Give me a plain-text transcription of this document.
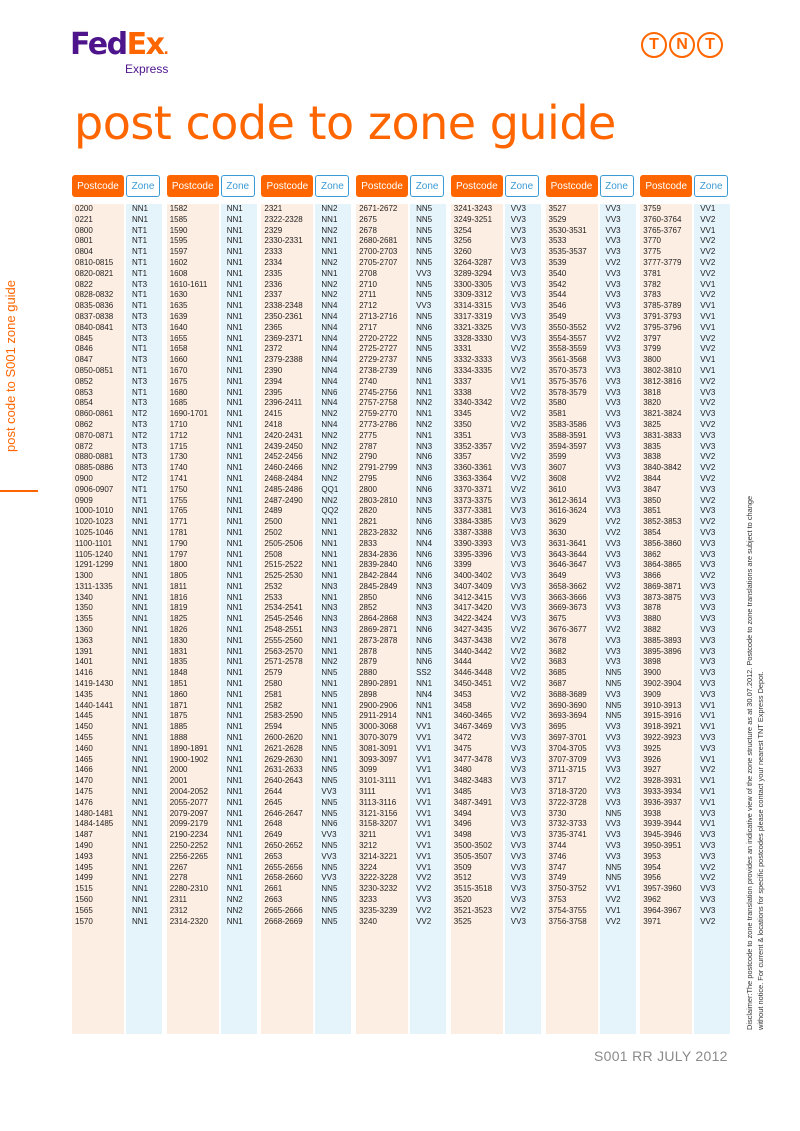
FedEx.
Express
T	N	T
post code to zone guide
post code to S001 zone guide
Postcode	Zone
0200	NN1
0221	NN1
0800	NT1
0801	NT1
0804	NT1
0810-0815 NT1
0820-0821 NT1
0822	NT3
0828-0832 NT1
0835-0836 NT1
0837-0838 NT3
0840-0841 NT3
0845	NT3
0846	NT1
0847	NT3
0850-0851 NT1
0852	NT3
0853	NT1
0854	NT3
0860-0861 NT2
0862	NT3
0870-0871 NT2
0872	NT3
0880-0881 NT3
0885-0886 NT3
0900	NT2
0906-0907 NT1
0909	NT1
1000-1010 NN1
1020-1023 NN1
1025-1046 NN1
1100-1101 NN1
1105-1240 NN1
1291-1299 NN1
1300	NN1
1311-1335 NN1
1340	NN1
1350	NN1
1355	NN1
1360	NN1
1363	NN1
1391	NN1
1401	NN1
1416	NN1
1419-1430 NN1
1435	NN1
1440-1441 NN1
1445	NN1
1450	NN1
1455	NN1
1460	NN1
1465	NN1
1466	NN1
1470	NN1
1475	NN1
1476	NN1
1480-1481 NN1
1484-1485 NN1
1487	NN1
1490	NN1
1493	NN1
1495	NN1
1499	NN1
1515	NN1
1560	NN1
1565	NN1
1570	NN1
Postcode	Zone
1582	NN1
1585	NN1
1590	NN1
1595	NN1
1597	NN1
1602	NN1
1608	NN1
1610-1611 NN1
1630	NN1
1635	NN1
1639	NN1
1640	NN1
1655	NN1
1658	NN1
1660	NN1
1670	NN1
1675	NN1
1680	NN1
1685	NN1
1690-1701 NN1
1710	NN1
1712	NN1
1715	NN1
1730	NN1
1740	NN1
1741	NN1
1750	NN1
1755	NN1
1765	NN1
1771	NN1
1781	NN1
1790	NN1
1797	NN1
1800	NN1
1805	NN1
1811	NN1
1816	NN1
1819	NN1
1825	NN1
1826	NN1
1830	NN1
1831	NN1
1835	NN1
1848	NN1
1851	NN1
1860	NN1
1871	NN1
1875	NN1
1885	NN1
1888	NN1
1890-1891 NN1
1900-1902 NN1
2000	NN1
2001	NN1
2004-2052 NN1
2055-2077 NN1
2079-2097 NN1
2099-2179 NN1
2190-2234 NN1
2250-2252 NN1
2256-2265 NN1
2267	NN1
2278	NN1
2280-2310 NN1
2311	NN2
2312	NN2
2314-2320 NN1
Postcode	Zone
2321	NN2
2322-2328 NN1
2329	NN2
2330-2331 NN1
2333	NN1
2334	NN2
2335	NN1
2336	NN2
2337	NN2
2338-2348 NN4
2350-2361 NN4
2365	NN4
2369-2371 NN4
2372	NN4
2379-2388 NN4
2390	NN4
2394	NN4
2395	NN6
2396-2411 NN4
2415	NN2
2418	NN4
2420-2431 NN2
2439-2450 NN2
2452-2456 NN2
2460-2466 NN2
2468-2484 NN2
2485-2486 QQ1
2487-2490 NN2
2489	QQ2
2500	NN1
2502	NN1
2505-2506 NN1
2508	NN1
2515-2522 NN1
2525-2530 NN1
2532	NN3
2533	NN1
2534-2541 NN3
2545-2546 NN3
2548-2551 NN3
2555-2560 NN1
2563-2570 NN1
2571-2578 NN2
2579	NN5
2580	NN1
2581	NN5
2582	NN1
2583-2590 NN5
2594	NN5
2600-2620 NN1
2621-2628 NN5
2629-2630 NN1
2631-2633 NN5
2640-2643 NN5
2644	VV3
2645	NN5
2646-2647 NN5
2648	NN6
2649	VV3
2650-2652 NN5
2653	VV3
2655-2656 NN5
2658-2660 VV3
2661	NN5
2663	NN5
2665-2666 NN5
2668-2669 NN5
Postcode	Zone
2671-2672 NN5
2675	NN5
2678	NN5
2680-2681 NN5
2700-2703 NN5
2705-2707 NN5
2708	VV3
2710	NN5
2711	NN5
2712	VV3
2713-2716 NN5
2717	NN6
2720-2722 NN5
2725-2727 NN5
2729-2737 NN5
2738-2739 NN6
2740	NN1
2745-2756 NN1
2757-2758 NN2
2759-2770 NN1
2773-2786 NN2
2775	NN1
2787	NN3
2790	NN6
2791-2799 NN3
2795	NN6
2800	NN6
2803-2810 NN3
2820	NN5
2821	NN6
2823-2832 NN6
2833	NN4
2834-2836 NN6
2839-2840 NN6
2842-2844 NN6
2845-2849 NN3
2850	NN6
2852	NN3
2864-2868 NN3
2869-2871 NN6
2873-2878 NN6
2878	NN5
2879	NN6
2880	SS2
2890-2891 NN1
2898	NN4
2900-2906 NN1
2911-2914 NN1
3000-3068 VV1
3070-3079 VV1
3081-3091 VV1
3093-3097 VV1
3099	VV1
3101-3111 VV1
3111	VV1
3113-3116 VV1
3121-3156 VV1
3158-3207 VV1
3211	VV1
3212	VV1
3214-3221 VV1
3224	VV1
3222-3228 VV2
3230-3232 VV2
3233	VV3
3235-3239 VV2
3240	VV2
Postcode	Zone
3241-3243 VV3
3249-3251 VV3
3254	VV3
3256	VV3
3260	VV3
3264-3287 VV3
3289-3294 VV3
3300-3305 VV3
3309-3312 VV3
3314-3315 VV3
3317-3319 VV3
3321-3325 VV3
3328-3330 VV3
3331	VV2
3332-3333 VV3
3334-3335 VV2
3337	VV1
3338	VV2
3340-3342 VV2
3345	VV2
3350	VV2
3351	VV3
3352-3357 VV2
3357	VV2
3360-3361 VV3
3363-3364 VV2
3370-3371 VV2
3373-3375 VV3
3377-3381 VV3
3384-3385 VV3
3387-3388 VV3
3390-3393 VV3
3395-3396 VV3
3399	VV3
3400-3402 VV3
3407-3409 VV3
3412-3415 VV3
3417-3420 VV3
3422-3424 VV3
3427-3435 VV2
3437-3438 VV2
3440-3442 VV2
3444	VV2
3446-3448 VV2
3450-3451 VV2
3453	VV2
3458	VV2
3460-3465 VV2
3467-3469 VV3
3472	VV3
3475	VV3
3477-3478 VV3
3480	VV3
3482-3483 VV3
3485	VV3
3487-3491 VV3
3494	VV3
3496	VV3
3498	VV3
3500-3502 VV3
3505-3507 VV3
3509	VV3
3512	VV3
3515-3518 VV3
3520	VV3
3521-3523 VV2
3525	VV3
Postcode	Zone
3527	VV3
3529	VV3
3530-3531 VV3
3533	VV3
3535-3537 VV3
3539	VV2
3540	VV3
3542	VV3
3544	VV3
3546	VV3
3549	VV3
3550-3552 VV2
3554-3557 VV2
3558-3559 VV3
3561-3568 VV3
3570-3573 VV3
3575-3576 VV3
3578-3579 VV3
3580	VV3
3581	VV3
3583-3586 VV3
3588-3591 VV3
3594-3597 VV3
3599	VV3
3607	VV3
3608	VV2
3610	VV3
3612-3614 VV3
3616-3624 VV3
3629	VV2
3630	VV2
3631-3641 VV3
3643-3644 VV3
3646-3647 VV3
3649	VV3
3658-3662 VV2
3663-3666 VV3
3669-3673 VV3
3675	VV3
3676-3677 VV2
3678	VV3
3682	VV3
3683	VV3
3685	NN5
3687	NN5
3688-3689 VV3
3690-3690 NN5
3693-3694 NN5
3695	VV3
3697-3701 VV3
3704-3705 VV3
3707-3709 VV3
3711-3715 VV3
3717	VV2
3718-3720 VV3
3722-3728 VV3
3730	NN5
3732-3733 VV3
3735-3741 VV3
3744	VV3
3746	VV3
3747	NN5
3749	NN5
3750-3752 VV1
3753	VV2
3754-3755 VV1
3756-3758 VV2
Postcode	Zone
3759	VV1
3760-3764 VV2
3765-3767 VV1
3770	VV2
3775	VV2
3777-3779 VV2
3781	VV2
3782	VV1
3783	VV2
3785-3789 VV1
3791-3793 VV1
3795-3796 VV1
3797	VV2
3799	VV2
3800	VV1
3802-3810 VV1
3812-3816 VV2
3818	VV3
3820	VV2
3821-3824 VV3
3825	VV2
3831-3833 VV3
3835	VV3
3838	VV2
3840-3842 VV2
3844	VV2
3847	VV3
3850	VV2
3851	VV3
3852-3853 VV2
3854	VV3
3856-3860 VV3
3862	VV3
3864-3865 VV3
3866	VV2
3869-3871 VV3
3873-3875 VV3
3878	VV3
3880	VV3
3882	VV3
3885-3893 VV3
3895-3896 VV3
3898	VV3
3900	VV3
3902-3904 VV3
3909	VV3
3910-3913 VV1
3915-3916 VV1
3918-3921 VV1
3922-3923 VV3
3925	VV3
3926	VV1
3927	VV2
3928-3931 VV1
3933-3934 VV1
3936-3937 VV1
3938	VV3
3939-3944 VV1
3945-3946 VV3
3950-3951 VV3
3953	VV3
3954	VV2
3956	VV2
3957-3960 VV3
3962	VV3
3964-3967 VV3
3971	VV2	Disclaimer:The postcode to zone translation provides an indicative view of the zone structure as at 30.07.2012. Postcode to zone translations are subject to change without notice. For current & locations for specific postcodes please contact your nearest TNT Express Depot.
S001 RR JULY 2012
